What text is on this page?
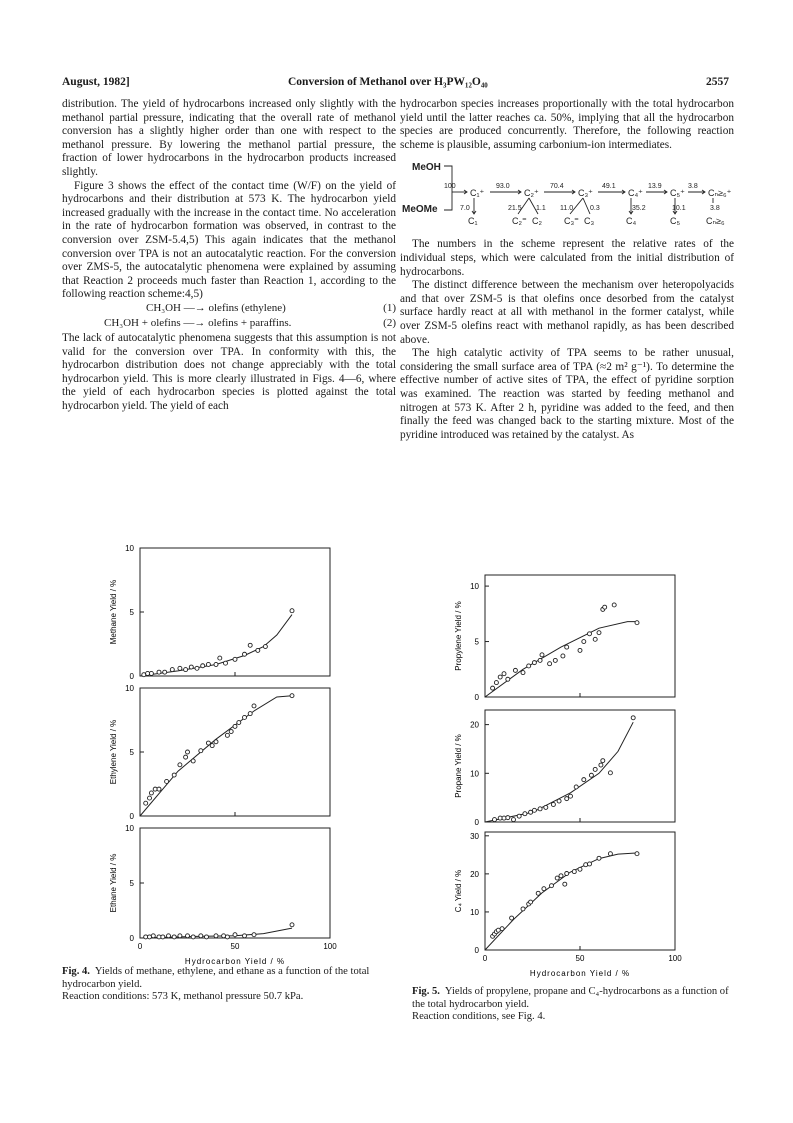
August, 1982]	Conversion of Methanol over H₃PW₁₂O₄₀	2557

distribution. The yield of hydrocarbons increased only slightly with the methanol partial pressure, indicating that the overall rate of methanol conversion has a slightly higher order than one with respect to the methanol pressure. By lowering the methanol partial pressure, the fraction of lower hydrocarbons in the hydrocarbon products increased slightly.

Figure 3 shows the effect of the contact time (W/F) on the yield of hydrocarbons and their distribution at 573 K. The hydrocarbon yield increased gradually with the increase in the contact time. No acceleration in the rate of hydrocarbon formation was observed, in contrast to the conversion over ZSM-5.4,5) This again indicates that the methanol conversion over TPA is not an autocatalytic reaction. For the conversion over ZMS-5, the autocatalytic phenomena were explained by assuming that Reaction 2 proceeds much faster than Reaction 1, according to the following reaction scheme:4,5)

CH₃OH —→ olefins (ethylene)	(1)
CH₃OH + olefins —→ olefins + paraffins.	(2)

The lack of autocatalytic phenomena suggests that this assumption is not valid for the conversion over TPA. In conformity with this, the hydrocarbon distribution does not change appreciably with the total hydrocarbon yield. This is more clearly illustrated in Figs. 4—6, where the yield of each hydrocarbon species is plotted against the total hydrocarbon yield. The yield of each

hydrocarbon species increases proportionally with the total hydrocarbon yield until the latter reaches ca. 50%, implying that all the hydrocarbon species are produced concurrently. Therefore, the following reaction scheme is plausible, assuming carbonium-ion intermediates.

MeOH
MeOMe
C₁⁺	C₂⁺	C₃⁺	C₄⁺	C₅⁺	Cₙ≥₆⁺
100	93.0	70.4	49.1	13.9	3.8
7.0	21.5 1.1 11.0 0.3	35.2	10.1	3.8
C₁	C₂⁼ C₂ C₃⁼ C₃	C₄	C₅	Cₙ≥₆

The numbers in the scheme represent the relative rates of the individual steps, which were calculated from the initial distribution of hydrocarbons.

The distinct difference between the mechanism over heteropolyacids and that over ZSM-5 is that olefins once desorbed from the catalyst surface hardly react at all with methanol in the former catalyst, while over ZSM-5 olefins react with methanol rapidly, as has been described above.

The high catalytic activity of TPA seems to be rather unusual, considering the small surface area of TPA (≈2 m² g⁻¹). To determine the effective number of active sites of TPA, the effect of pyridine sorption was examined. The reaction was started by feeding methanol and nitrogen at 573 K. After 2 h, pyridine was added to the feed, and then finally the feed was changed back to the starting mixture. Most of the pyridine introduced was retained by the catalyst. As

0
5
10
Methane Yield / %
0
5
10
Ethylene Yield / %
0
5
10
Ethane Yield / %
0	50	100
Hydrocarbon Yield / %
0
5
10
Propylene Yield / %
0
10
20
Propane Yield / %
0
10
20
30
C₄ Yield / %
0	50	100
Hydrocarbon Yield / %
Fig. 4. Yields of methane, ethylene, and ethane as a function of the total hydrocarbon yield.
Reaction conditions: 573 K, methanol pressure 50.7 kPa.	Fig. 5. Yields of propylene, propane and C₄-hydrocarbons as a function of the total hydrocarbon yield.
Reaction conditions, see Fig. 4.
